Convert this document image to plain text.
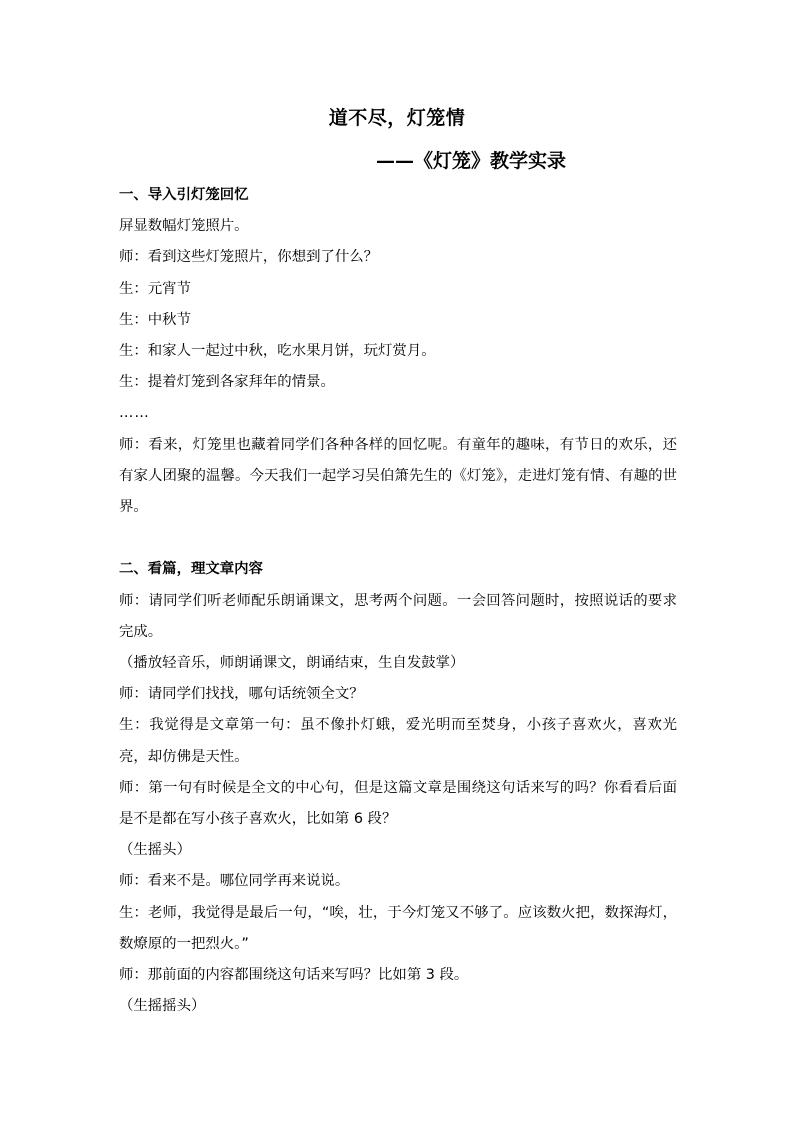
道不尽，灯笼情
——《灯笼》教学实录

一、导入引灯笼回忆

屏显数幅灯笼照片。

师：看到这些灯笼照片，你想到了什么？

生：元宵节

生：中秋节

生：和家人一起过中秋，吃水果月饼，玩灯赏月。

生：提着灯笼到各家拜年的情景。

……

师：看来，灯笼里也藏着同学们各种各样的回忆呢。有童年的趣味，有节日的欢乐，还有家人团聚的温馨。今天我们一起学习吴伯箫先生的《灯笼》，走进灯笼有情、有趣的世界。

二、看篇，理文章内容

师：请同学们听老师配乐朗诵课文，思考两个问题。一会回答问题时，按照说话的要求完成。

（播放轻音乐，师朗诵课文，朗诵结束，生自发鼓掌）

师：请同学们找找，哪句话统领全文？

生：我觉得是文章第一句：虽不像扑灯蛾，爱光明而至焚身，小孩子喜欢火，喜欢光亮，却仿佛是天性。

师：第一句有时候是全文的中心句，但是这篇文章是围绕这句话来写的吗？你看看后面是不是都在写小孩子喜欢火，比如第 6 段？

（生摇头）

师：看来不是。哪位同学再来说说。

生：老师，我觉得是最后一句，“唉，壮，于今灯笼又不够了。应该数火把，数探海灯，数燎原的一把烈火。”

师：那前面的内容都围绕这句话来写吗？比如第 3 段。

（生摇摇头）
